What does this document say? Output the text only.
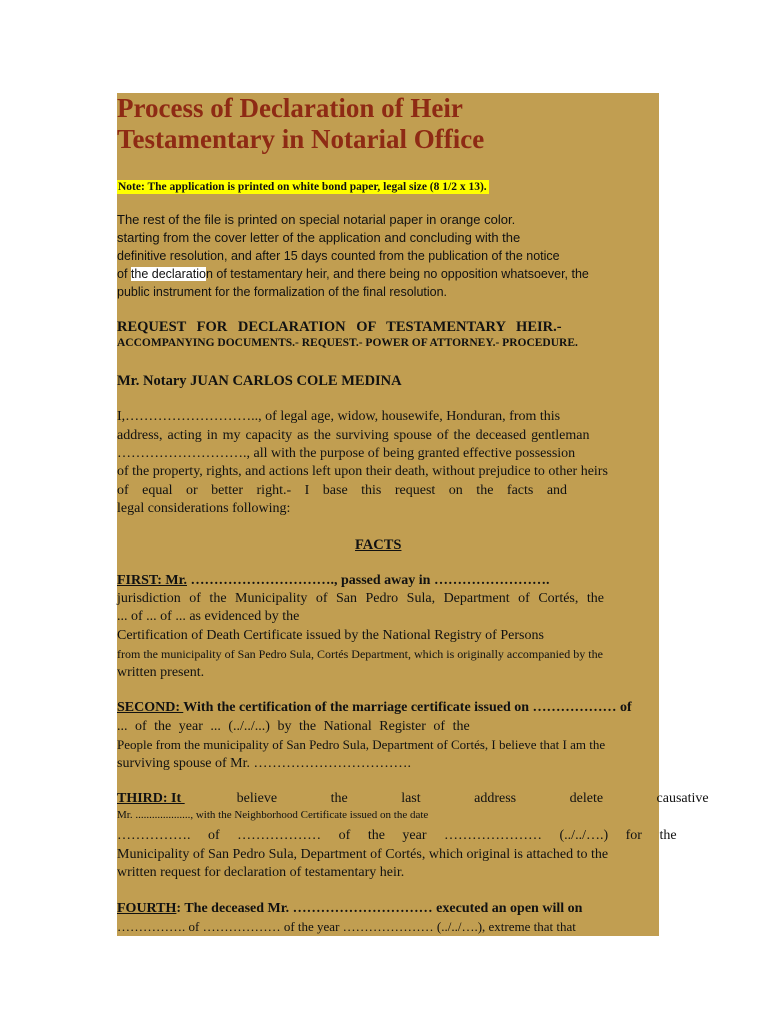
Process of Declaration of Heir
Testamentary in Notarial Office
Note: The application is printed on white bond paper, legal size (8 1/2 x 13).
The rest of the file is printed on special notarial paper in orange color.
starting from the cover letter of the application and concluding with the
definitive resolution, and after 15 days counted from the publication of the notice
of the declaration of testamentary heir, and there being no opposition whatsoever, the
public instrument for the formalization of the final resolution.
REQUEST FOR DECLARATION OF TESTAMENTARY HEIR.-
ACCOMPANYING DOCUMENTS.- REQUEST.- POWER OF ATTORNEY.- PROCEDURE.
Mr. Notary JUAN CARLOS COLE MEDINA
I,……………………….., of legal age, widow, housewife, Honduran, from this
address, acting in my capacity as the surviving spouse of the deceased gentleman
………………………., all with the purpose of being granted effective possession
of the property, rights, and actions left upon their death, without prejudice to other heirs
of equal or better right.- I base this request on the facts and
legal considerations following:
FACTS
FIRST: Mr. …………………………., passed away in …………………….
jurisdiction of the Municipality of San Pedro Sula, Department of Cortés, the
... of ... of ... as evidenced by the
Certification of Death Certificate issued by the National Registry of Persons
from the municipality of San Pedro Sula, Cortés Department, which is originally accompanied by the
written present.
SECOND: With the certification of the marriage certificate issued on ……………… of
... of the year ... (../../...) by the National Register of the
People from the municipality of San Pedro Sula, Department of Cortés, I believe that I am the
surviving spouse of Mr. …………………………….
THIRD: It	believe the last address delete causative
Mr. ...................., with the Neighborhood Certificate issued on the date
……………. of ……………… of the year ………………… (../../….) for the
Municipality of San Pedro Sula, Department of Cortés, which original is attached to the
written request for declaration of testamentary heir.
FOURTH: The deceased Mr. ………………………… executed an open will on
……………. of ……………… of the year ………………… (../../….), extreme that that
